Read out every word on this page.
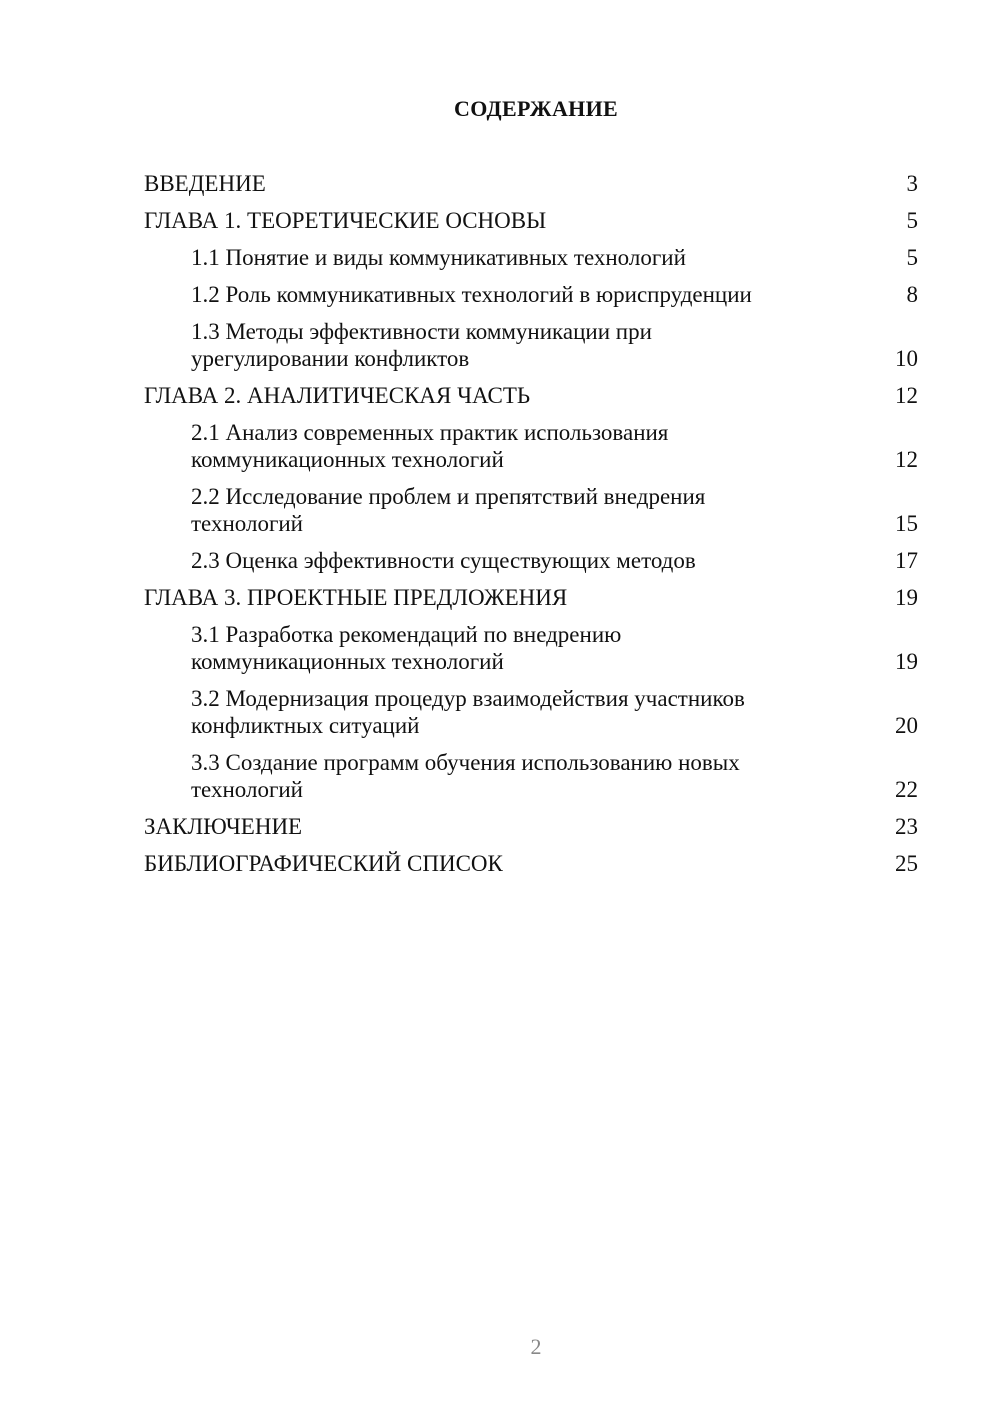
СОДЕРЖАНИЕ
ВВЕДЕНИЕ	3
ГЛАВА 1. ТЕОРЕТИЧЕСКИЕ ОСНОВЫ	5
1.1 Понятие и виды коммуникативных технологий	5
1.2 Роль коммуникативных технологий в юриспруденции	8
1.3 Методы эффективности коммуникации при урегулировании конфликтов	10
ГЛАВА 2. АНАЛИТИЧЕСКАЯ ЧАСТЬ	12
2.1 Анализ современных практик использования коммуникационных технологий	12
2.2 Исследование проблем и препятствий внедрения технологий	15
2.3 Оценка эффективности существующих методов	17
ГЛАВА 3. ПРОЕКТНЫЕ ПРЕДЛОЖЕНИЯ	19
3.1 Разработка рекомендаций по внедрению коммуникационных технологий	19
3.2 Модернизация процедур взаимодействия участников конфликтных ситуаций	20
3.3 Создание программ обучения использованию новых технологий	22
ЗАКЛЮЧЕНИЕ	23
БИБЛИОГРАФИЧЕСКИЙ СПИСОК	25
2
